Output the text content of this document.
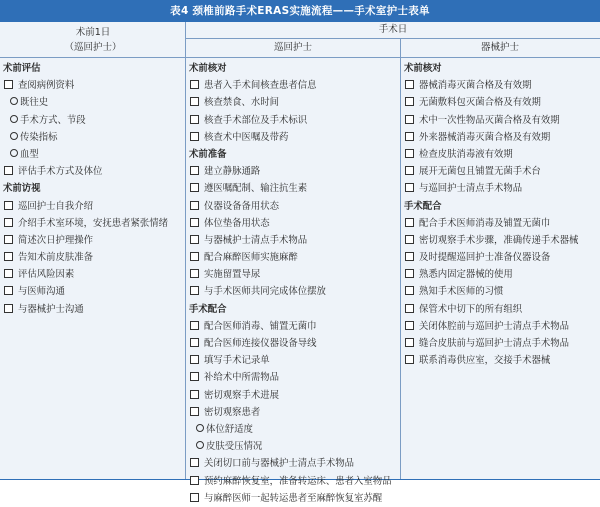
表4 颈椎前路手术ERAS实施流程——手术室护士表单
术前1日
（巡回护士）
手术日
巡回护士	器械护士
术前评估
查阅病例资料
既往史
手术方式、节段
传染指标
血型
评估手术方式及体位
术前访视
巡回护士自我介绍
介绍手术室环境，安抚患者紧张情绪
简述次日护理操作
告知术前皮肤准备
评估风险因素
与医师沟通
与器械护士沟通
术前核对
患者入手术间核查患者信息
核查禁食、水时间
核查手术部位及手术标识
核查术中医嘱及带药
术前准备
建立静脉通路
遵医嘱配制、输注抗生素
仪器设备备用状态
体位垫备用状态
与器械护士清点手术物品
配合麻醉医师实施麻醉
实施留置导尿
与手术医师共同完成体位摆放
手术配合
配合医师消毒、铺置无菌巾
配合医师连接仪器设备导线
填写手术记录单
补给术中所需物品
密切观察手术进展
密切观察患者
体位舒适度
皮肤受压情况
关闭切口前与器械护士清点手术物品
预约麻醉恢复室，准备转运床、患者入室物品
与麻醉医师一起转运患者至麻醉恢复室苏醒
术前核对
器械消毒灭菌合格及有效期
无菌敷料包灭菌合格及有效期
术中一次性物品灭菌合格及有效期
外来器械消毒灭菌合格及有效期
检查皮肤消毒液有效期
展开无菌包且铺置无菌手术台
与巡回护士清点手术物品
手术配合
配合手术医师消毒及铺置无菌巾
密切观察手术步骤，准确传递手术器械
及时提醒巡回护士准备仪器设备
熟悉内固定器械的使用
熟知手术医师的习惯
保管术中切下的所有组织
关闭体腔前与巡回护士清点手术物品
缝合皮肤前与巡回护士清点手术物品
联系消毒供应室，交接手术器械
